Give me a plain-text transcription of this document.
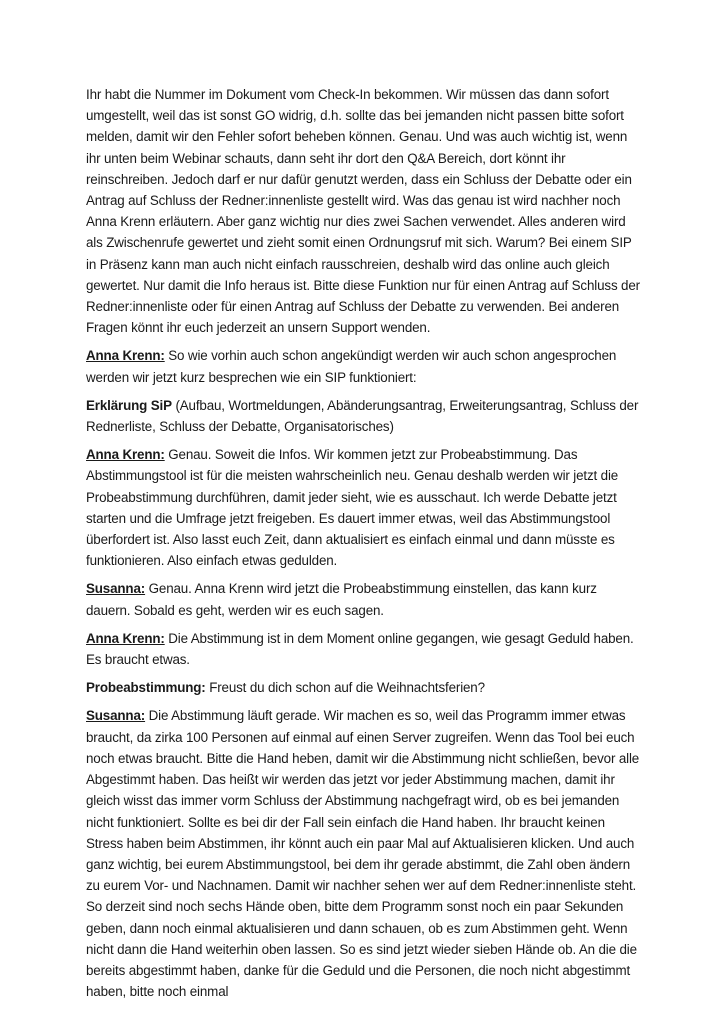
Ihr habt die Nummer im Dokument vom Check-In bekommen. Wir müssen das dann sofort umgestellt, weil das ist sonst GO widrig, d.h. sollte das bei jemanden nicht passen bitte sofort melden, damit wir den Fehler sofort beheben können. Genau. Und was auch wichtig ist, wenn ihr unten beim Webinar schauts, dann seht ihr dort den Q&A Bereich, dort könnt ihr reinschreiben. Jedoch darf er nur dafür genutzt werden, dass ein Schluss der Debatte oder ein Antrag auf Schluss der Redner:innenliste gestellt wird. Was das genau ist wird nachher noch Anna Krenn erläutern. Aber ganz wichtig nur dies zwei Sachen verwendet. Alles anderen wird als Zwischenrufe gewertet und zieht somit einen Ordnungsruf mit sich. Warum? Bei einem SIP in Präsenz kann man auch nicht einfach rausschreien, deshalb wird das online auch gleich gewertet. Nur damit die Info heraus ist. Bitte diese Funktion nur für einen Antrag auf Schluss der Redner:innenliste oder für einen Antrag auf Schluss der Debatte zu verwenden. Bei anderen Fragen könnt ihr euch jederzeit an unsern Support wenden.

Anna Krenn: So wie vorhin auch schon angekündigt werden wir auch schon angesprochen werden wir jetzt kurz besprechen wie ein SIP funktioniert:

Erklärung SiP (Aufbau, Wortmeldungen, Abänderungsantrag, Erweiterungsantrag, Schluss der Rednerliste, Schluss der Debatte, Organisatorisches)

Anna Krenn: Genau. Soweit die Infos. Wir kommen jetzt zur Probeabstimmung. Das Abstimmungstool ist für die meisten wahrscheinlich neu. Genau deshalb werden wir jetzt die Probeabstimmung durchführen, damit jeder sieht, wie es ausschaut. Ich werde Debatte jetzt starten und die Umfrage jetzt freigeben. Es dauert immer etwas, weil das Abstimmungstool überfordert ist. Also lasst euch Zeit, dann aktualisiert es einfach einmal und dann müsste es funktionieren. Also einfach etwas gedulden.

Susanna: Genau. Anna Krenn wird jetzt die Probeabstimmung einstellen, das kann kurz dauern. Sobald es geht, werden wir es euch sagen.

Anna Krenn: Die Abstimmung ist in dem Moment online gegangen, wie gesagt Geduld haben. Es braucht etwas.

Probeabstimmung: Freust du dich schon auf die Weihnachtsferien?

Susanna: Die Abstimmung läuft gerade. Wir machen es so, weil das Programm immer etwas braucht, da zirka 100 Personen auf einmal auf einen Server zugreifen. Wenn das Tool bei euch noch etwas braucht. Bitte die Hand heben, damit wir die Abstimmung nicht schließen, bevor alle Abgestimmt haben. Das heißt wir werden das jetzt vor jeder Abstimmung machen, damit ihr gleich wisst das immer vorm Schluss der Abstimmung nachgefragt wird, ob es bei jemanden nicht funktioniert. Sollte es bei dir der Fall sein einfach die Hand haben. Ihr braucht keinen Stress haben beim Abstimmen, ihr könnt auch ein paar Mal auf Aktualisieren klicken. Und auch ganz wichtig, bei eurem Abstimmungstool, bei dem ihr gerade abstimmt, die Zahl oben ändern zu eurem Vor- und Nachnamen. Damit wir nachher sehen wer auf dem Redner:innenliste steht. So derzeit sind noch sechs Hände oben, bitte dem Programm sonst noch ein paar Sekunden geben, dann noch einmal aktualisieren und dann schauen, ob es zum Abstimmen geht. Wenn nicht dann die Hand weiterhin oben lassen. So es sind jetzt wieder sieben Hände ob. An die die bereits abgestimmt haben, danke für die Geduld und die Personen, die noch nicht abgestimmt haben, bitte noch einmal
